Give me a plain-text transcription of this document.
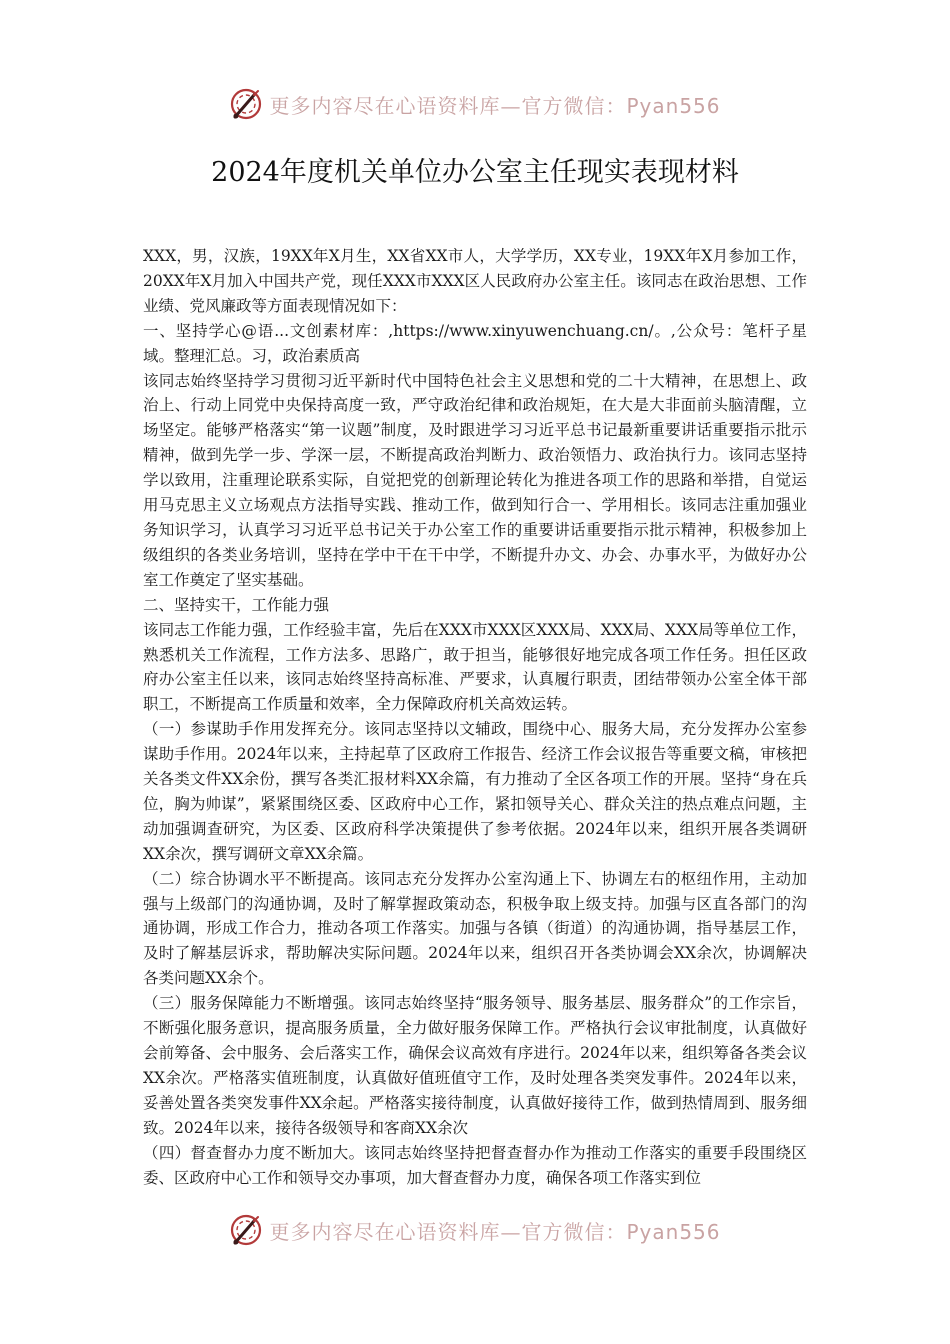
更多内容尽在心语资料库—官方微信：Pyan556
2024年度机关单位办公室主任现实表现材料

XXX，男，汉族，19XX年X月生，XX省XX市人，大学学历，XX专业，19XX年X月参加工作，20XX年X月加入中国共产党，现任XXX市XXX区人民政府办公室主任。该同志在政治思想、工作业绩、党风廉政等方面表现情况如下：

一、坚持学心@语...文创素材库：,https://www.xinyuwenchuang.cn/。,公众号：笔杆子星域。整理汇总。习，政治素质高

该同志始终坚持学习贯彻习近平新时代中国特色社会主义思想和党的二十大精神，在思想上、政治上、行动上同党中央保持高度一致，严守政治纪律和政治规矩，在大是大非面前头脑清醒，立场坚定。能够严格落实“第一议题”制度，及时跟进学习习近平总书记最新重要讲话重要指示批示精神，做到先学一步、学深一层，不断提高政治判断力、政治领悟力、政治执行力。该同志坚持学以致用，注重理论联系实际，自觉把党的创新理论转化为推进各项工作的思路和举措，自觉运用马克思主义立场观点方法指导实践、推动工作，做到知行合一、学用相长。该同志注重加强业务知识学习，认真学习习近平总书记关于办公室工作的重要讲话重要指示批示精神，积极参加上级组织的各类业务培训，坚持在学中干在干中学，不断提升办文、办会、办事水平，为做好办公室工作奠定了坚实基础。

二、坚持实干，工作能力强

该同志工作能力强，工作经验丰富，先后在XXX市XXX区XXX局、XXX局、XXX局等单位工作，熟悉机关工作流程，工作方法多、思路广，敢于担当，能够很好地完成各项工作任务。担任区政府办公室主任以来，该同志始终坚持高标准、严要求，认真履行职责，团结带领办公室全体干部职工，不断提高工作质量和效率，全力保障政府机关高效运转。

（一）参谋助手作用发挥充分。该同志坚持以文辅政，围绕中心、服务大局，充分发挥办公室参谋助手作用。2024年以来，主持起草了区政府工作报告、经济工作会议报告等重要文稿，审核把关各类文件XX余份，撰写各类汇报材料XX余篇，有力推动了全区各项工作的开展。坚持“身在兵位，胸为帅谋”，紧紧围绕区委、区政府中心工作，紧扣领导关心、群众关注的热点难点问题，主动加强调查研究，为区委、区政府科学决策提供了参考依据。2024年以来，组织开展各类调研XX余次，撰写调研文章XX余篇。

（二）综合协调水平不断提高。该同志充分发挥办公室沟通上下、协调左右的枢纽作用，主动加强与上级部门的沟通协调，及时了解掌握政策动态，积极争取上级支持。加强与区直各部门的沟通协调，形成工作合力，推动各项工作落实。加强与各镇（街道）的沟通协调，指导基层工作，及时了解基层诉求，帮助解决实际问题。2024年以来，组织召开各类协调会XX余次，协调解决各类问题XX余个。

（三）服务保障能力不断增强。该同志始终坚持“服务领导、服务基层、服务群众”的工作宗旨，不断强化服务意识，提高服务质量，全力做好服务保障工作。严格执行会议审批制度，认真做好会前筹备、会中服务、会后落实工作，确保会议高效有序进行。2024年以来，组织筹备各类会议XX余次。严格落实值班制度，认真做好值班值守工作，及时处理各类突发事件。2024年以来，妥善处置各类突发事件XX余起。严格落实接待制度，认真做好接待工作，做到热情周到、服务细致。2024年以来，接待各级领导和客商XX余次

（四）督查督办力度不断加大。该同志始终坚持把督查督办作为推动工作落实的重要手段围绕区委、区政府中心工作和领导交办事项，加大督查督办力度，确保各项工作落实到位

更多内容尽在心语资料库—官方微信：Pyan556
